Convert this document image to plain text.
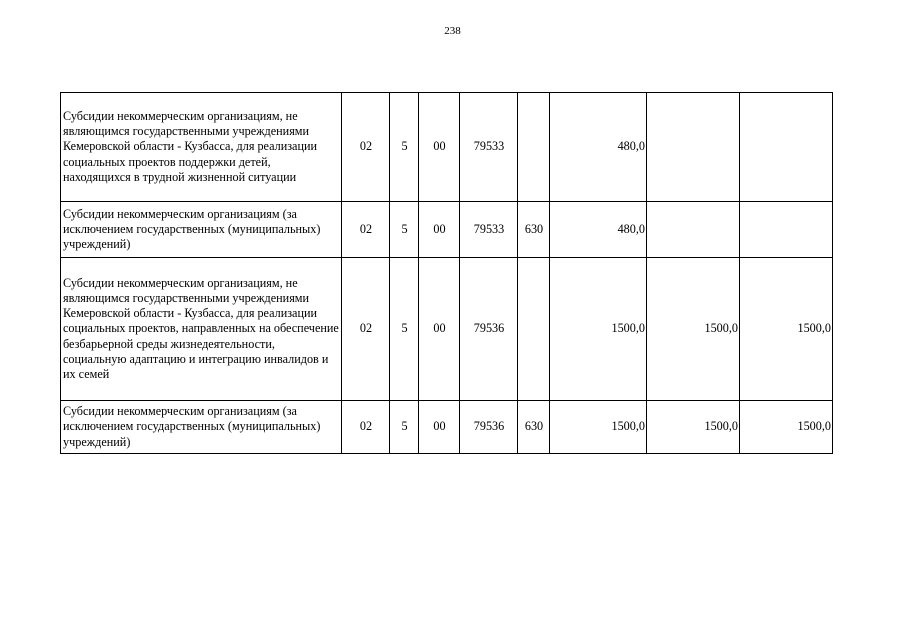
238
Субсидии некоммерческим организациям, не являющимся государственными учреждениями Кемеровской области - Кузбасса, для реализации социальных проектов поддержки детей, находящихся в трудной жизненной ситуации	02	5	00	79533		480,0		
Субсидии некоммерческим организациям (за исключением государственных (муниципальных) учреждений)	02	5	00	79533	630	480,0		
Субсидии некоммерческим организациям, не являющимся государственными учреждениями Кемеровской области - Кузбасса, для реализации социальных проектов, направленных на обеспечение безбарьерной среды жизнедеятельности, социальную адаптацию и интеграцию инвалидов и их семей	02	5	00	79536		1500,0	1500,0	1500,0
Субсидии некоммерческим организациям (за исключением государственных (муниципальных) учреждений)	02	5	00	79536	630	1500,0	1500,0	1500,0
